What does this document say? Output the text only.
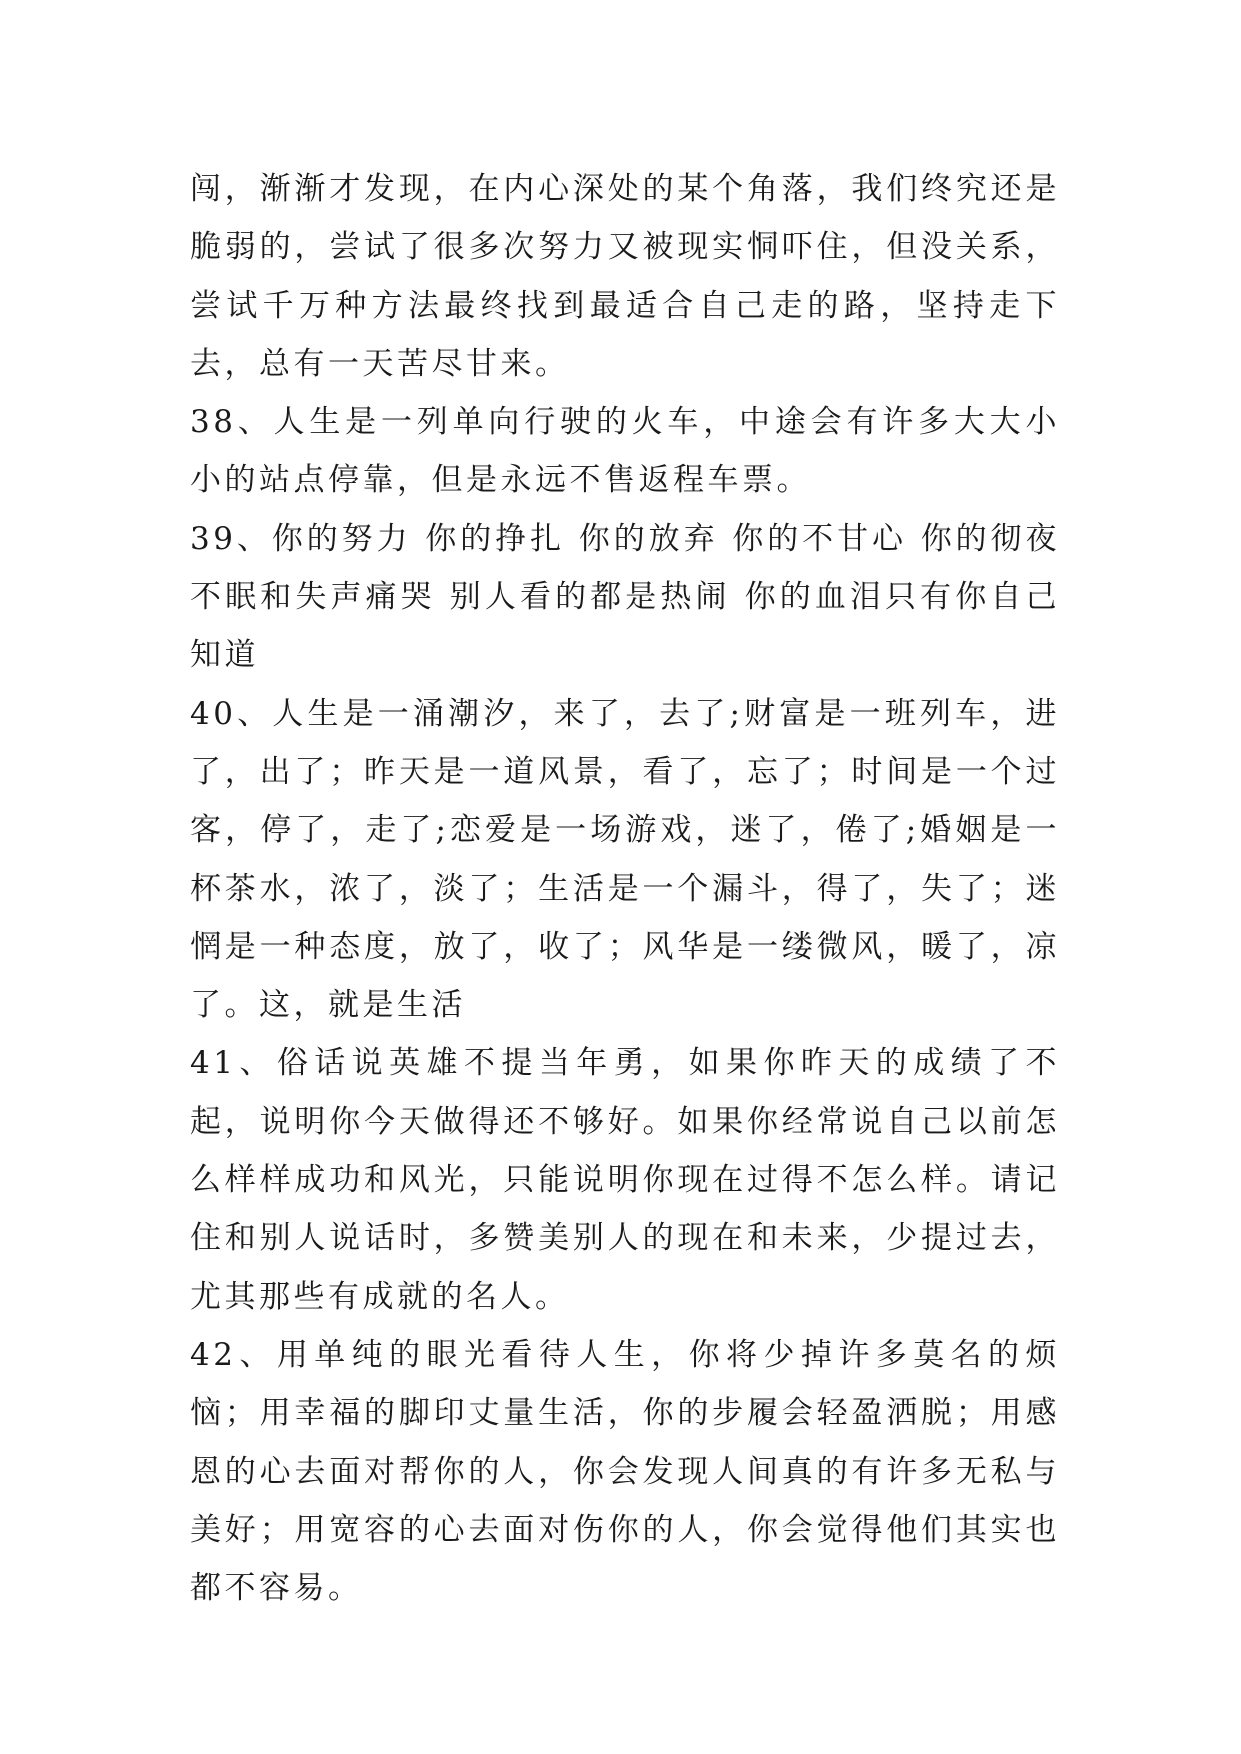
闯，渐渐才发现，在内心深处的某个角落，我们终究还是脆弱的，尝试了很多次努力又被现实恫吓住，但没关系，尝试千万种方法最终找到最适合自己走的路，坚持走下去，总有一天苦尽甘来。

38、人生是一列单向行驶的火车，中途会有许多大大小小的站点停靠，但是永远不售返程车票。

39、你的努力 你的挣扎 你的放弃 你的不甘心 你的彻夜不眠和失声痛哭 别人看的都是热闹 你的血泪只有你自己知道

40、人生是一涌潮汐，来了，去了;财富是一班列车，进了，出了；昨天是一道风景，看了，忘了；时间是一个过客，停了，走了;恋爱是一场游戏，迷了，倦了;婚姻是一杯茶水，浓了，淡了；生活是一个漏斗，得了，失了；迷惘是一种态度，放了，收了；风华是一缕微风，暖了，凉了。这，就是生活

41、俗话说英雄不提当年勇，如果你昨天的成绩了不起，说明你今天做得还不够好。如果你经常说自己以前怎么样样成功和风光，只能说明你现在过得不怎么样。请记住和别人说话时，多赞美别人的现在和未来，少提过去，尤其那些有成就的名人。

42、用单纯的眼光看待人生，你将少掉许多莫名的烦恼；用幸福的脚印丈量生活，你的步履会轻盈洒脱；用感恩的心去面对帮你的人，你会发现人间真的有许多无私与美好；用宽容的心去面对伤你的人，你会觉得他们其实也都不容易。
